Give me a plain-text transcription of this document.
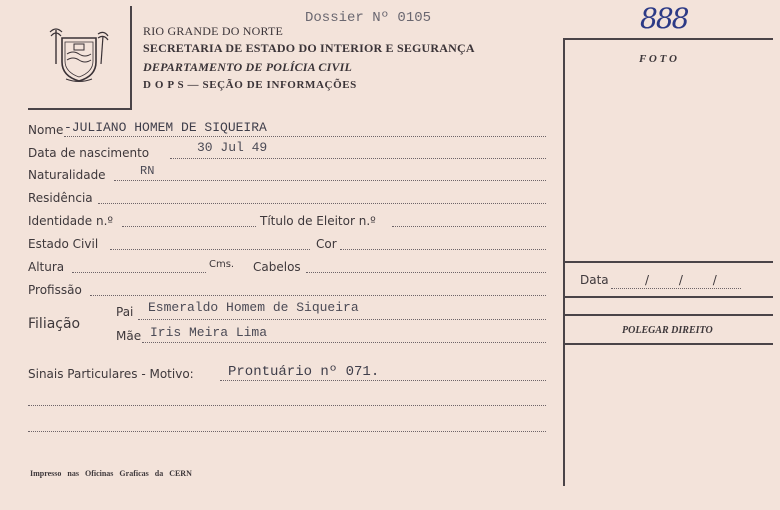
RIO GRANDE DO NORTE
SECRETARIA DE ESTADO DO INTERIOR E SEGURANÇA
DEPARTAMENTO DE POLÍCIA CIVIL
D O P S — SEÇÃO DE INFORMAÇÕES
Dossier Nº 0105	888
F O T O
Data	/ / /
POLEGAR DIREITO
Nome -JULIANO HOMEM DE SIQUEIRA
Data de nascimento	30 Jul 49
Naturalidade	RN
Residência
Identidade n.º	Título de Eleitor n.º
Estado Civil	Cor
Altura	Cms. Cabelos
Profissão
Filiação
Pai Esmeraldo Homem de Siqueira
Mãe Iris Meira Lima
Sinais Particulares - Motivo: Prontuário nº 071.
Impresso nas Oficinas Graficas da CERN
